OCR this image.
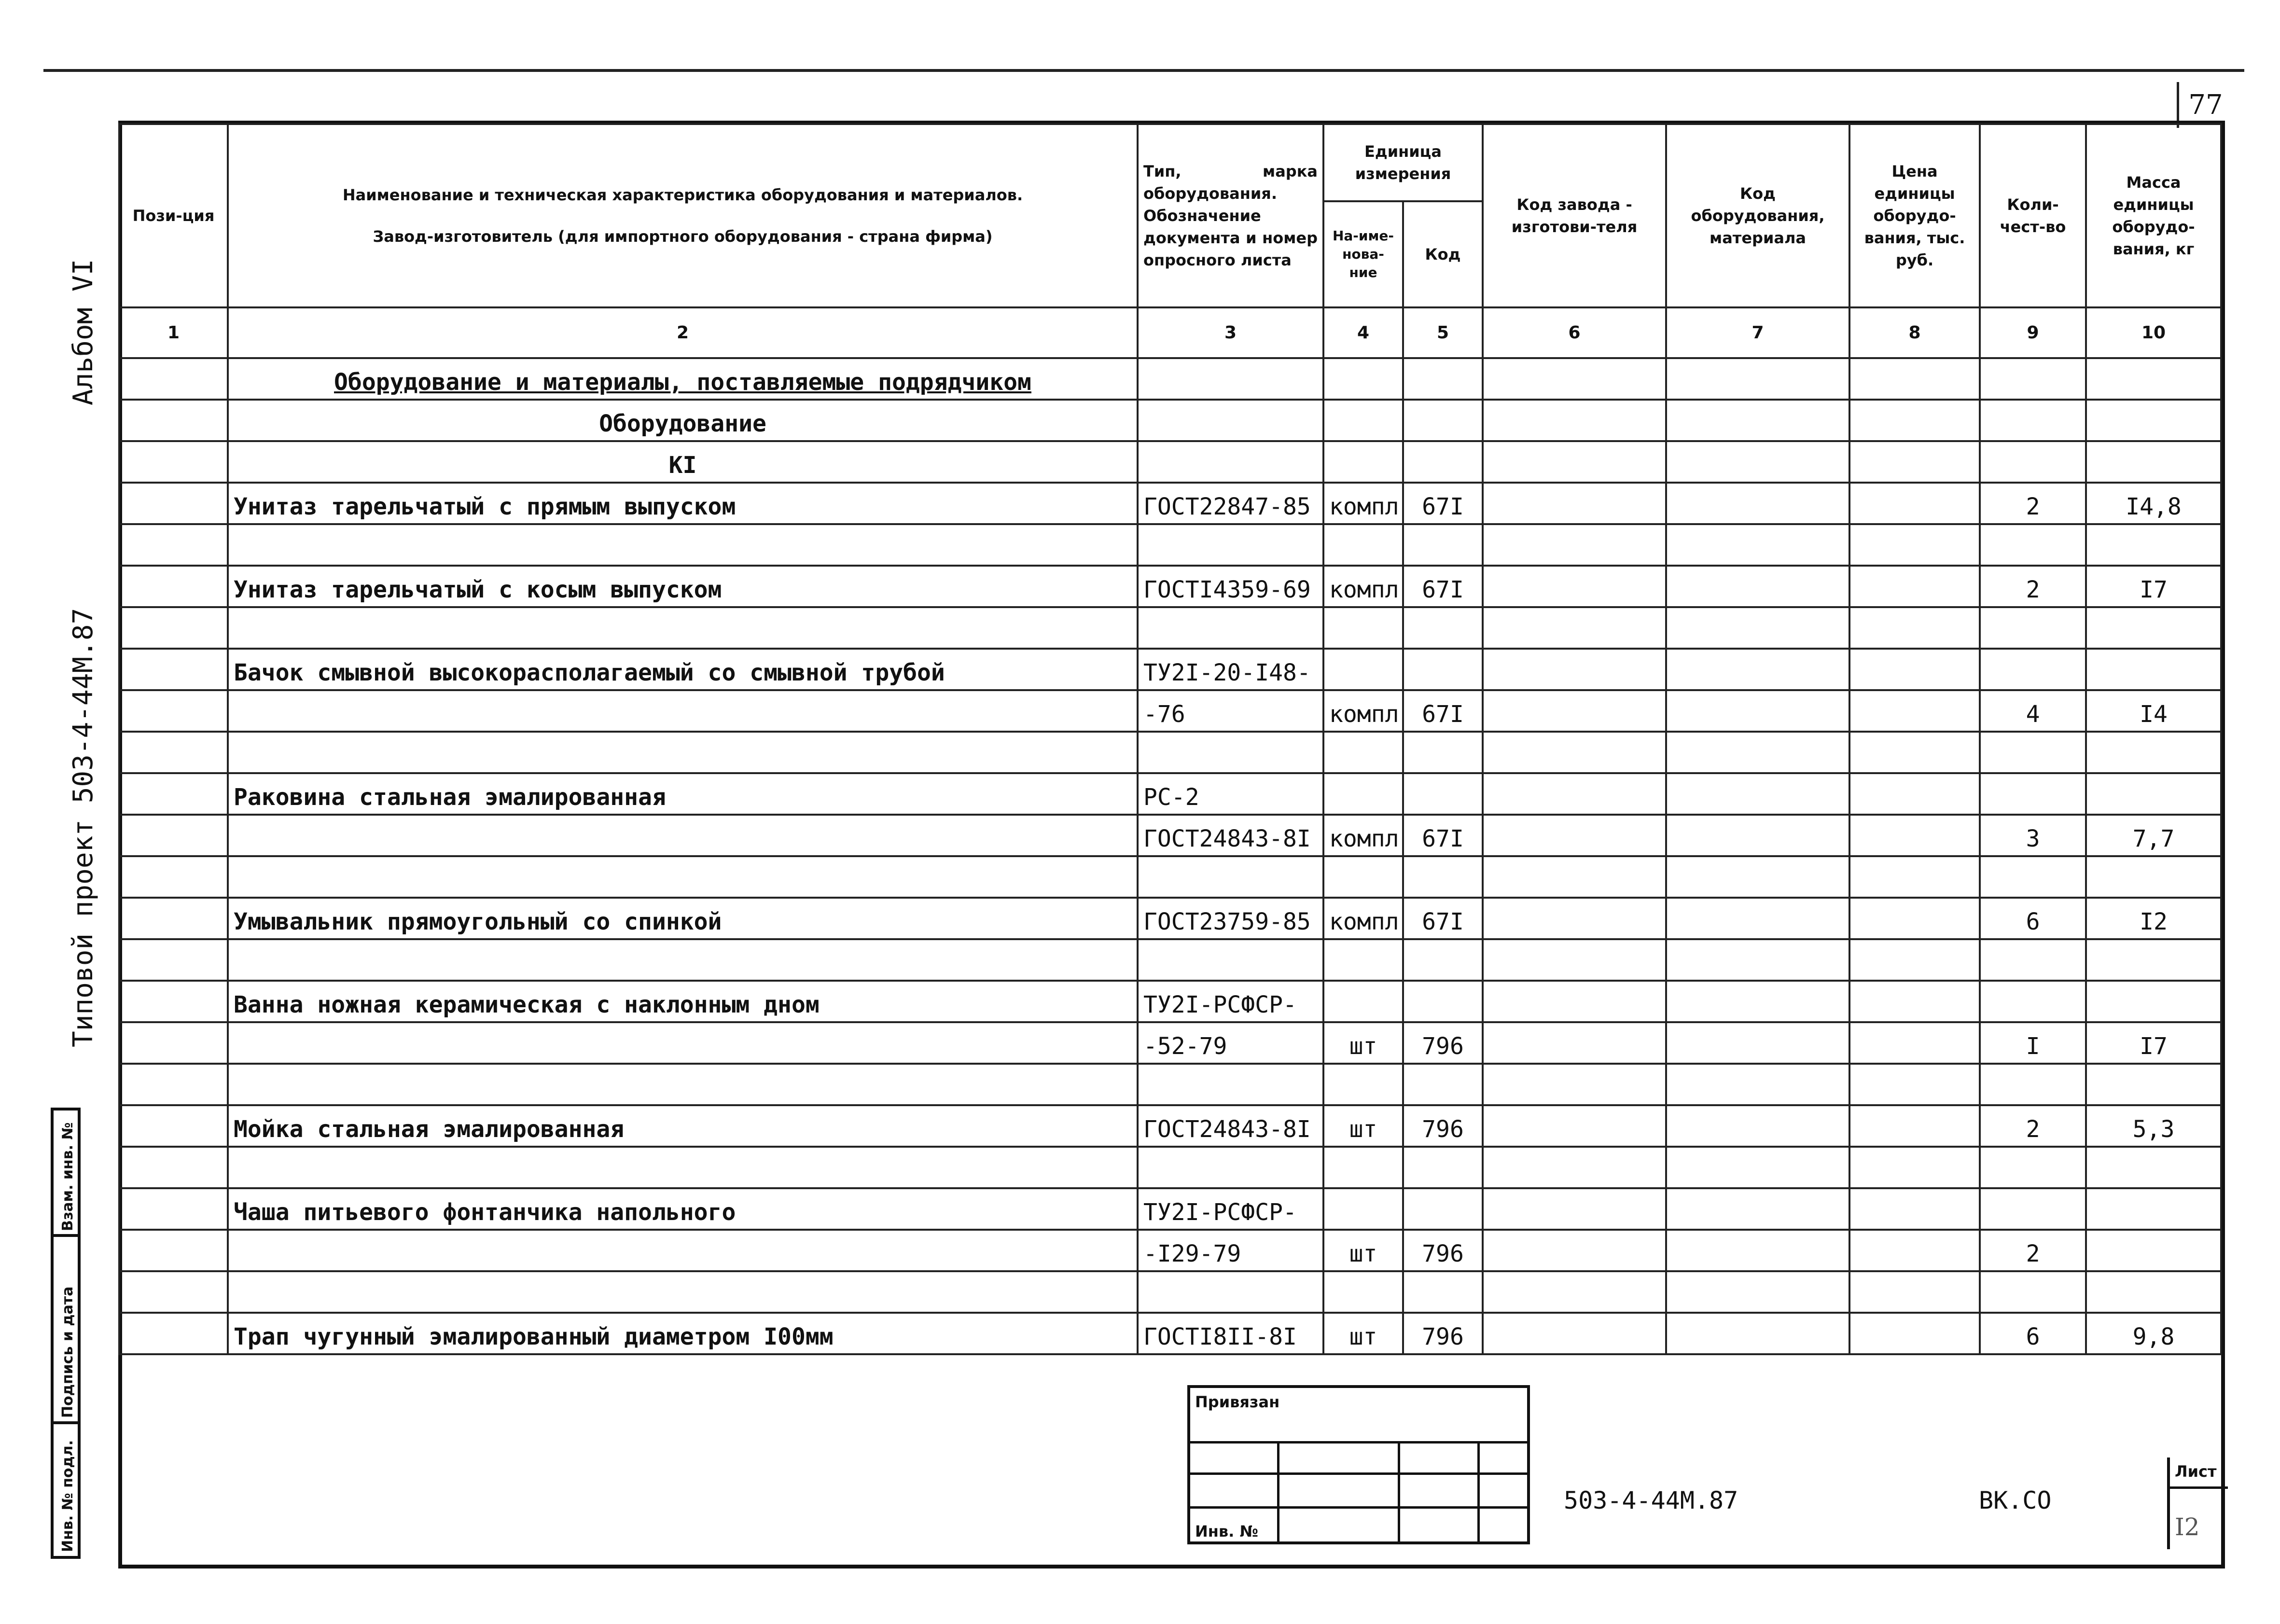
77
Альбом VI
Типовой проект 503-4-44М.87
Взам. инв. №
Подпись и дата
Инв. № подл.
Пози-ция	Наименование и техническая характеристика оборудования и материалов.
Завод-изготовитель (для импортного оборудования - страна фирма)	Тип, марка оборудования. Обозначение документа и номер опросного листа	Единица измерения		Код завода - изготови-теля	Код оборудования, материала	Цена единицы оборудо-вания, тыс. руб.	Коли-чест-во	Масса единицы оборудо-вания, кг
			На-име-нова-ние	Код					
1	2	3	4	5	6	7	8	9	10
	Оборудование и материалы, поставляемые подрядчиком								
	Оборудование								
	КI								
	Унитаз тарельчатый с прямым выпуском	ГОСТ22847-85	компл	67I				2	I4,8

	Унитаз тарельчатый с косым выпуском	ГОСТI4359-69	компл	67I				2	I7

	Бачок смывной высокорасполагаемый со смывной трубой	ТУ2I-20-I48-							
		-76	компл	67I				4	I4

	Раковина стальная эмалированная	РС-2							
		ГОСТ24843-8I	компл	67I				3	7,7

	Умывальник прямоугольный со спинкой	ГОСТ23759-85	компл	67I				6	I2

	Ванна ножная керамическая с наклонным дном	ТУ2I-РСФСР-							
		-52-79	шт	796				I	I7

	Мойка стальная эмалированная	ГОСТ24843-8I	шт	796				2	5,3

	Чаша питьевого фонтанчика напольного	ТУ2I-РСФСР-							
		-I29-79	шт	796				2	

	Трап чугунный эмалированный диаметром I00мм	ГОСТI8II-8I	шт	796				6	9,8
Привязан
Инв. №
503-4-44М.87	ВК.СО
Лист
I2
